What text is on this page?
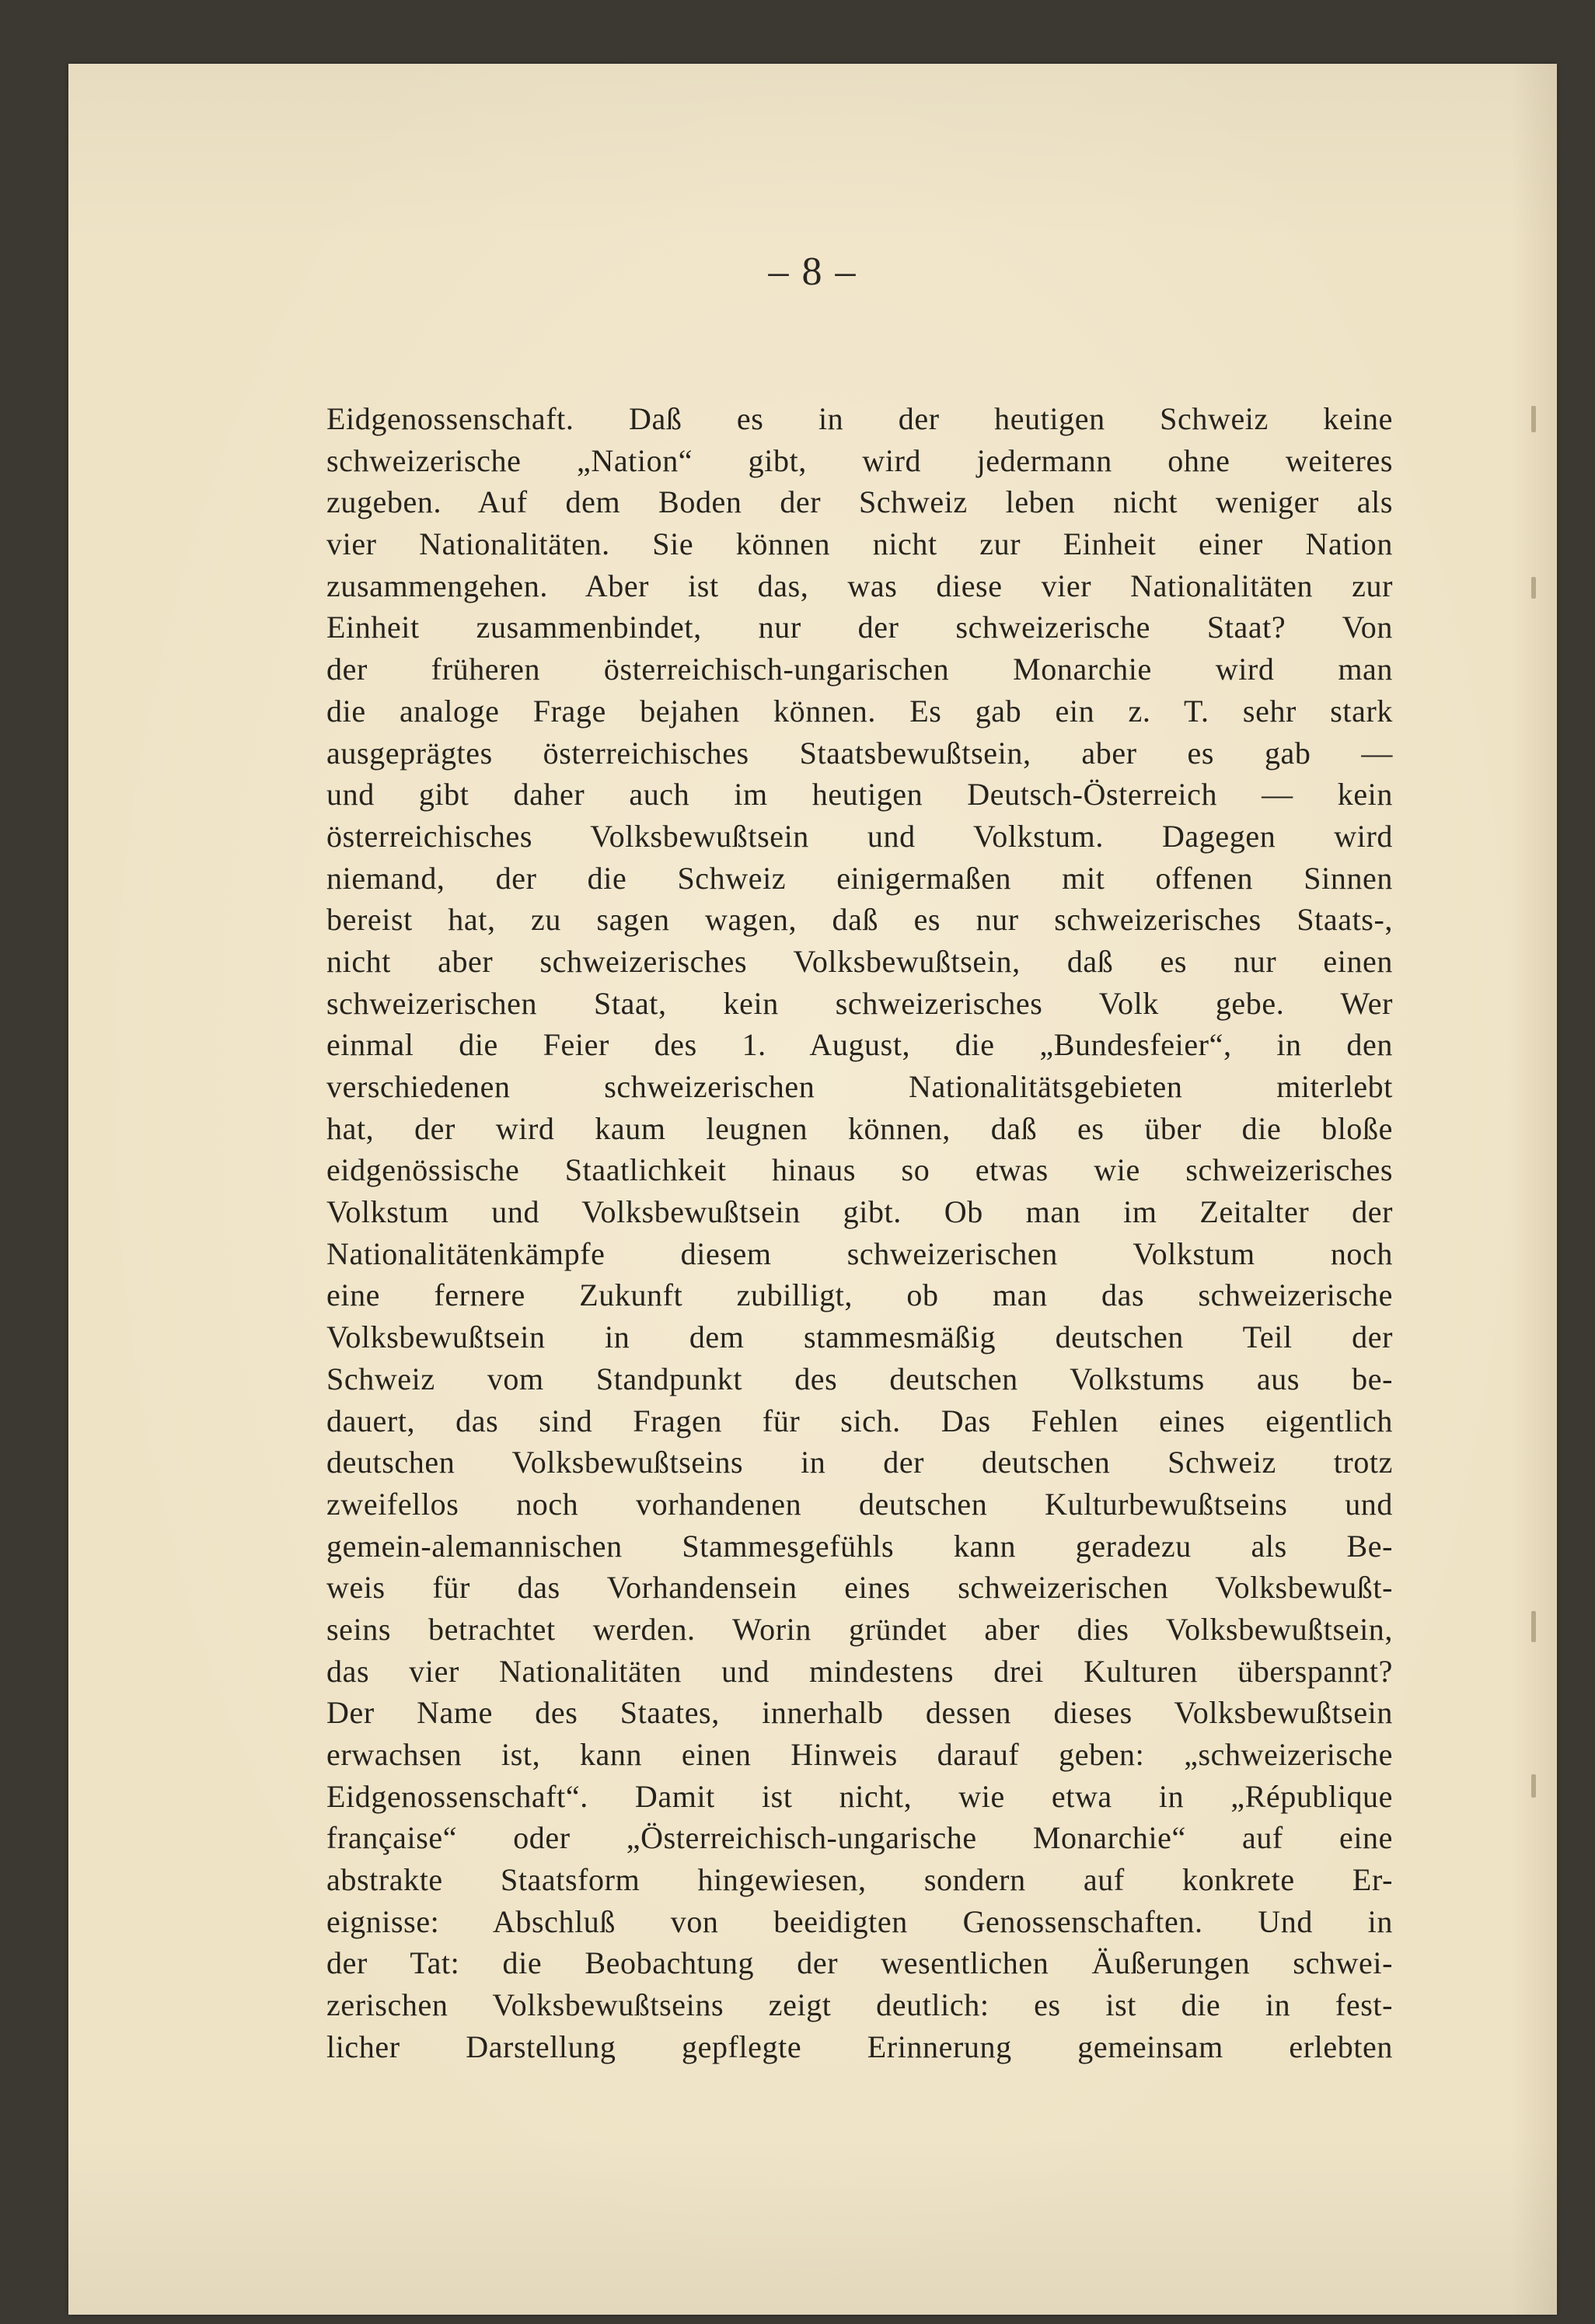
– 8 –
Eidgenossenschaft. Daß es in der heutigen Schweiz keine
schweizerische „Nation“ gibt, wird jedermann ohne weiteres
zugeben. Auf dem Boden der Schweiz leben nicht weniger als
vier Nationalitäten. Sie können nicht zur Einheit einer Nation
zusammengehen. Aber ist das, was diese vier Nationalitäten zur
Einheit zusammenbindet, nur der schweizerische Staat? Von
der früheren österreichisch-ungarischen Monarchie wird man
die analoge Frage bejahen können. Es gab ein z. T. sehr stark
ausgeprägtes österreichisches Staatsbewußtsein, aber es gab —
und gibt daher auch im heutigen Deutsch-Österreich — kein
österreichisches Volksbewußtsein und Volkstum. Dagegen wird
niemand, der die Schweiz einigermaßen mit offenen Sinnen
bereist hat, zu sagen wagen, daß es nur schweizerisches Staats-,
nicht aber schweizerisches Volksbewußtsein, daß es nur einen
schweizerischen Staat, kein schweizerisches Volk gebe. Wer
einmal die Feier des 1. August, die „Bundesfeier“, in den
verschiedenen schweizerischen Nationalitätsgebieten miterlebt
hat, der wird kaum leugnen können, daß es über die bloße
eidgenössische Staatlichkeit hinaus so etwas wie schweizerisches
Volkstum und Volksbewußtsein gibt. Ob man im Zeitalter der
Nationalitätenkämpfe diesem schweizerischen Volkstum noch
eine fernere Zukunft zubilligt, ob man das schweizerische
Volksbewußtsein in dem stammesmäßig deutschen Teil der
Schweiz vom Standpunkt des deutschen Volkstums aus be-
dauert, das sind Fragen für sich. Das Fehlen eines eigentlich
deutschen Volksbewußtseins in der deutschen Schweiz trotz
zweifellos noch vorhandenen deutschen Kulturbewußtseins und
gemein-alemannischen Stammesgefühls kann geradezu als Be-
weis für das Vorhandensein eines schweizerischen Volksbewußt-
seins betrachtet werden. Worin gründet aber dies Volksbewußtsein,
das vier Nationalitäten und mindestens drei Kulturen überspannt?
Der Name des Staates, innerhalb dessen dieses Volksbewußtsein
erwachsen ist, kann einen Hinweis darauf geben: „schweizerische
Eidgenossenschaft“. Damit ist nicht, wie etwa in „République
française“ oder „Österreichisch-ungarische Monarchie“ auf eine
abstrakte Staatsform hingewiesen, sondern auf konkrete Er-
eignisse: Abschluß von beeidigten Genossenschaften. Und in
der Tat: die Beobachtung der wesentlichen Äußerungen schwei-
zerischen Volksbewußtseins zeigt deutlich: es ist die in fest-
licher Darstellung gepflegte Erinnerung gemeinsam erlebten
